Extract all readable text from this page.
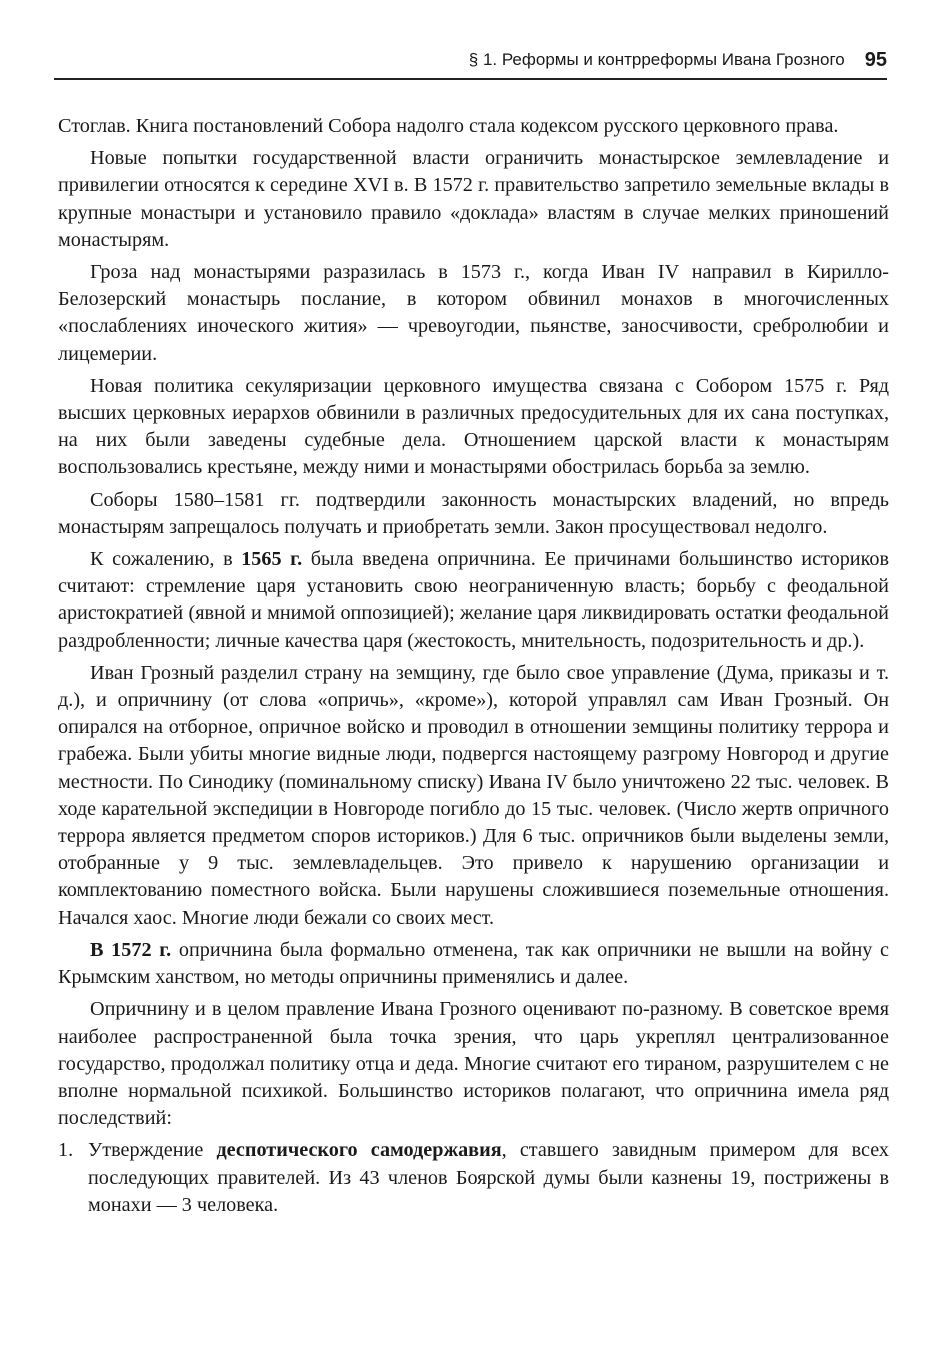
§ 1. Реформы и контрреформы Ивана Грозного 95

Стоглав. Книга постановлений Собора надолго стала кодексом русского церковного права.

Новые попытки государственной власти ограничить монастырское землевладение и привилегии относятся к середине XVI в. В 1572 г. правительство запретило земельные вклады в крупные монастыри и установило правило «доклада» властям в случае мелких приношений монастырям.

Гроза над монастырями разразилась в 1573 г., когда Иван IV направил в Кирилло-Белозерский монастырь послание, в котором обвинил монахов в многочисленных «послаблениях иноческого жития» — чревоугодии, пьянстве, заносчивости, сребролюбии и лицемерии.

Новая политика секуляризации церковного имущества связана с Собором 1575 г. Ряд высших церковных иерархов обвинили в различных предосудительных для их сана поступках, на них были заведены судебные дела. Отношением царской власти к монастырям воспользовались крестьяне, между ними и монастырями обострилась борьба за землю.

Соборы 1580–1581 гг. подтвердили законность монастырских владений, но впредь монастырям запрещалось получать и приобретать земли. Закон просуществовал недолго.

К сожалению, в 1565 г. была введена опричнина. Ее причинами большинство историков считают: стремление царя установить свою неограниченную власть; борьбу с феодальной аристократией (явной и мнимой оппозицией); желание царя ликвидировать остатки феодальной раздробленности; личные качества царя (жестокость, мнительность, подозрительность и др.).

Иван Грозный разделил страну на земщину, где было свое управление (Дума, приказы и т. д.), и опричнину (от слова «опричь», «кроме»), которой управлял сам Иван Грозный. Он опирался на отборное, опричное войско и проводил в отношении земщины политику террора и грабежа. Были убиты многие видные люди, подвергся настоящему разгрому Новгород и другие местности. По Синодику (поминальному списку) Ивана IV было уничтожено 22 тыс. человек. В ходе карательной экспедиции в Новгороде погибло до 15 тыс. человек. (Число жертв опричного террора является предметом споров историков.) Для 6 тыс. опричников были выделены земли, отобранные у 9 тыс. землевладельцев. Это привело к нарушению организации и комплектованию поместного войска. Были нарушены сложившиеся поземельные отношения. Начался хаос. Многие люди бежали со своих мест.

В 1572 г. опричнина была формально отменена, так как опричники не вышли на войну с Крымским ханством, но методы опричнины применялись и далее.

Опричнину и в целом правление Ивана Грозного оценивают по-разному. В советское время наиболее распространенной была точка зрения, что царь укреплял централизованное государство, продолжал политику отца и деда. Многие считают его тираном, разрушителем с не вполне нормальной психикой. Большинство историков полагают, что опричнина имела ряд последствий:

1. Утверждение деспотического самодержавия, ставшего завидным примером для всех последующих правителей. Из 43 членов Боярской думы были казнены 19, пострижены в монахи — 3 человека.
